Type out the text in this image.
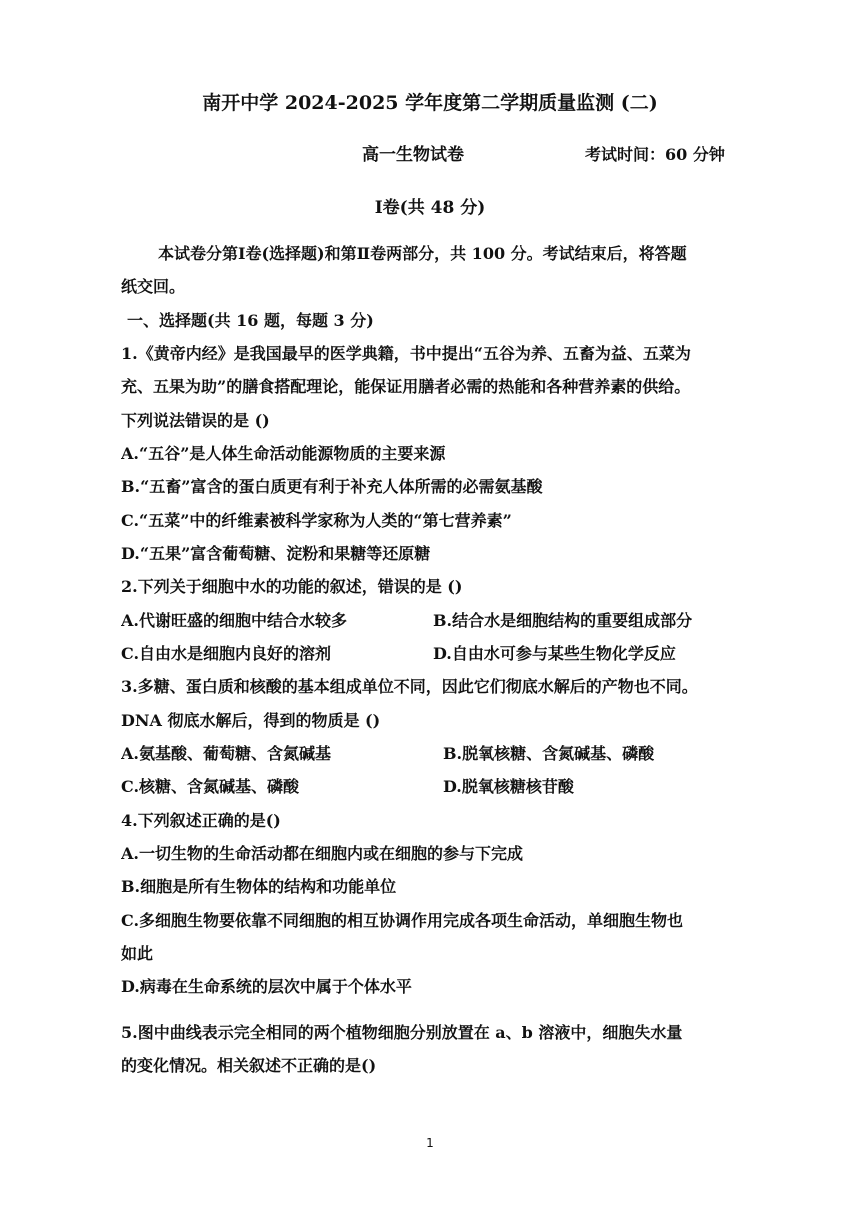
南开中学 2024-2025 学年度第二学期质量监测 (二)
高一生物试卷	考试时间：60 分钟
Ⅰ卷(共 48 分)
本试卷分第Ⅰ卷(选择题)和第Ⅱ卷两部分，共 100 分。考试结束后，将答题
纸交回。
一、选择题(共 16 题，每题 3 分)
1.《黄帝内经》是我国最早的医学典籍，书中提出“五谷为养、五畜为益、五菜为
充、五果为助”的膳食搭配理论，能保证用膳者必需的热能和各种营养素的供给。
下列说法错误的是 ()
A.“五谷”是人体生命活动能源物质的主要来源
B.“五畜”富含的蛋白质更有利于补充人体所需的必需氨基酸
C.“五菜”中的纤维素被科学家称为人类的“第七营养素”
D.“五果”富含葡萄糖、淀粉和果糖等还原糖
2.下列关于细胞中水的功能的叙述，错误的是 ()
A.代谢旺盛的细胞中结合水较多	B.结合水是细胞结构的重要组成部分
C.自由水是细胞内良好的溶剂	D.自由水可参与某些生物化学反应
3.多糖、蛋白质和核酸的基本组成单位不同，因此它们彻底水解后的产物也不同。
DNA 彻底水解后，得到的物质是 ()
A.氨基酸、葡萄糖、含氮碱基	B.脱氧核糖、含氮碱基、磷酸
C.核糖、含氮碱基、磷酸	D.脱氧核糖核苷酸
4.下列叙述正确的是()
A.一切生物的生命活动都在细胞内或在细胞的参与下完成
B.细胞是所有生物体的结构和功能单位
C.多细胞生物要依靠不同细胞的相互协调作用完成各项生命活动，单细胞生物也
如此
D.病毒在生命系统的层次中属于个体水平
5.图中曲线表示完全相同的两个植物细胞分别放置在 a、b 溶液中，细胞失水量
的变化情况。相关叙述不正确的是()
1
